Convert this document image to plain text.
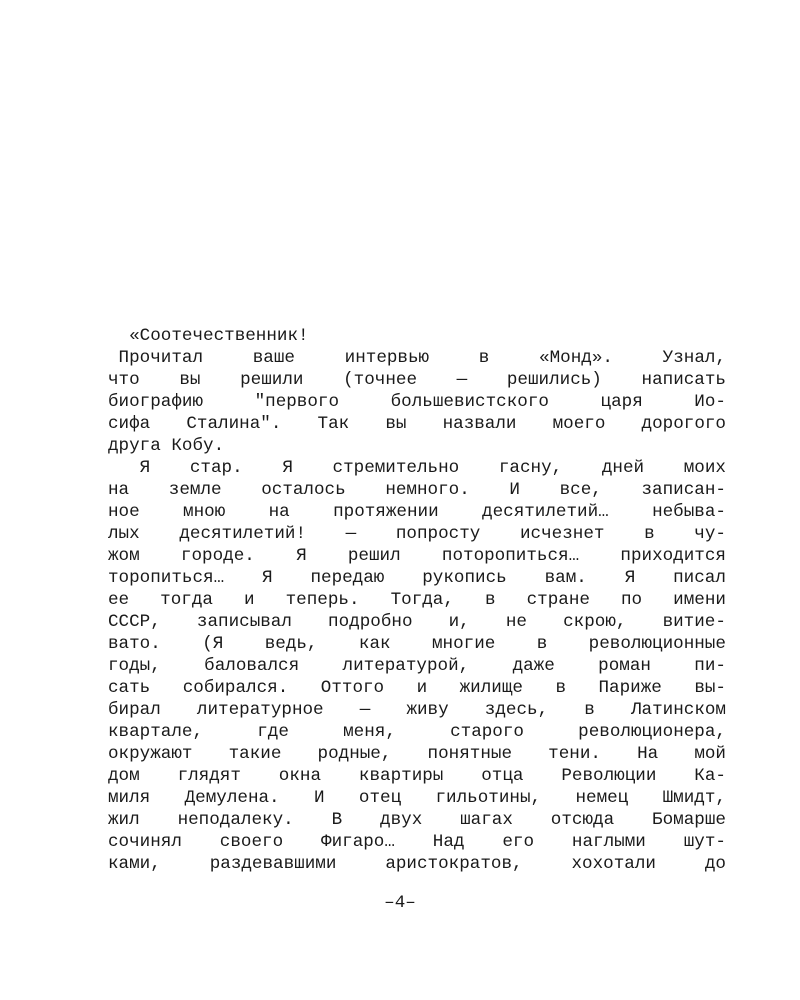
«Соотечественник!
Прочитал	ваше	интервью	в	«Монд».	Узнал,
что вы решили (точнее — решились) написать
биографию	"первого	большевистского	царя	Ио-
сифа Сталина". Так вы назвали моего дорогого
друга Кобу.
Я стар. Я стремительно гасну, дней моих
на земле осталось немного. И все, записан-
ное мною на протяжении десятилетий… небыва-
лых десятилетий! — попросту исчезнет в чу-
жом городе. Я решил поторопиться… приходится
торопиться… Я передаю рукопись вам. Я писал
ее тогда и теперь. Тогда, в стране по имени
СССР, записывал подробно и, не скрою, витие-
вато. (Я ведь, как многие в революционные
годы, баловался литературой, даже роман пи-
сать собирался. Оттого и жилище в Париже вы-
бирал литературное — живу здесь, в Латинском
квартале,	где	меня,	старого	революционера,
окружают такие родные, понятные тени. На мой
дом глядят окна квартиры отца Революции Ка-
миля Демулена. И отец гильотины, немец Шмидт,
жил неподалеку. В двух шагах отсюда Бомарше
сочинял своего Фигаро… Над его наглыми шут-
ками,	раздевавшими	аристократов,	хохотали	до
–4–
